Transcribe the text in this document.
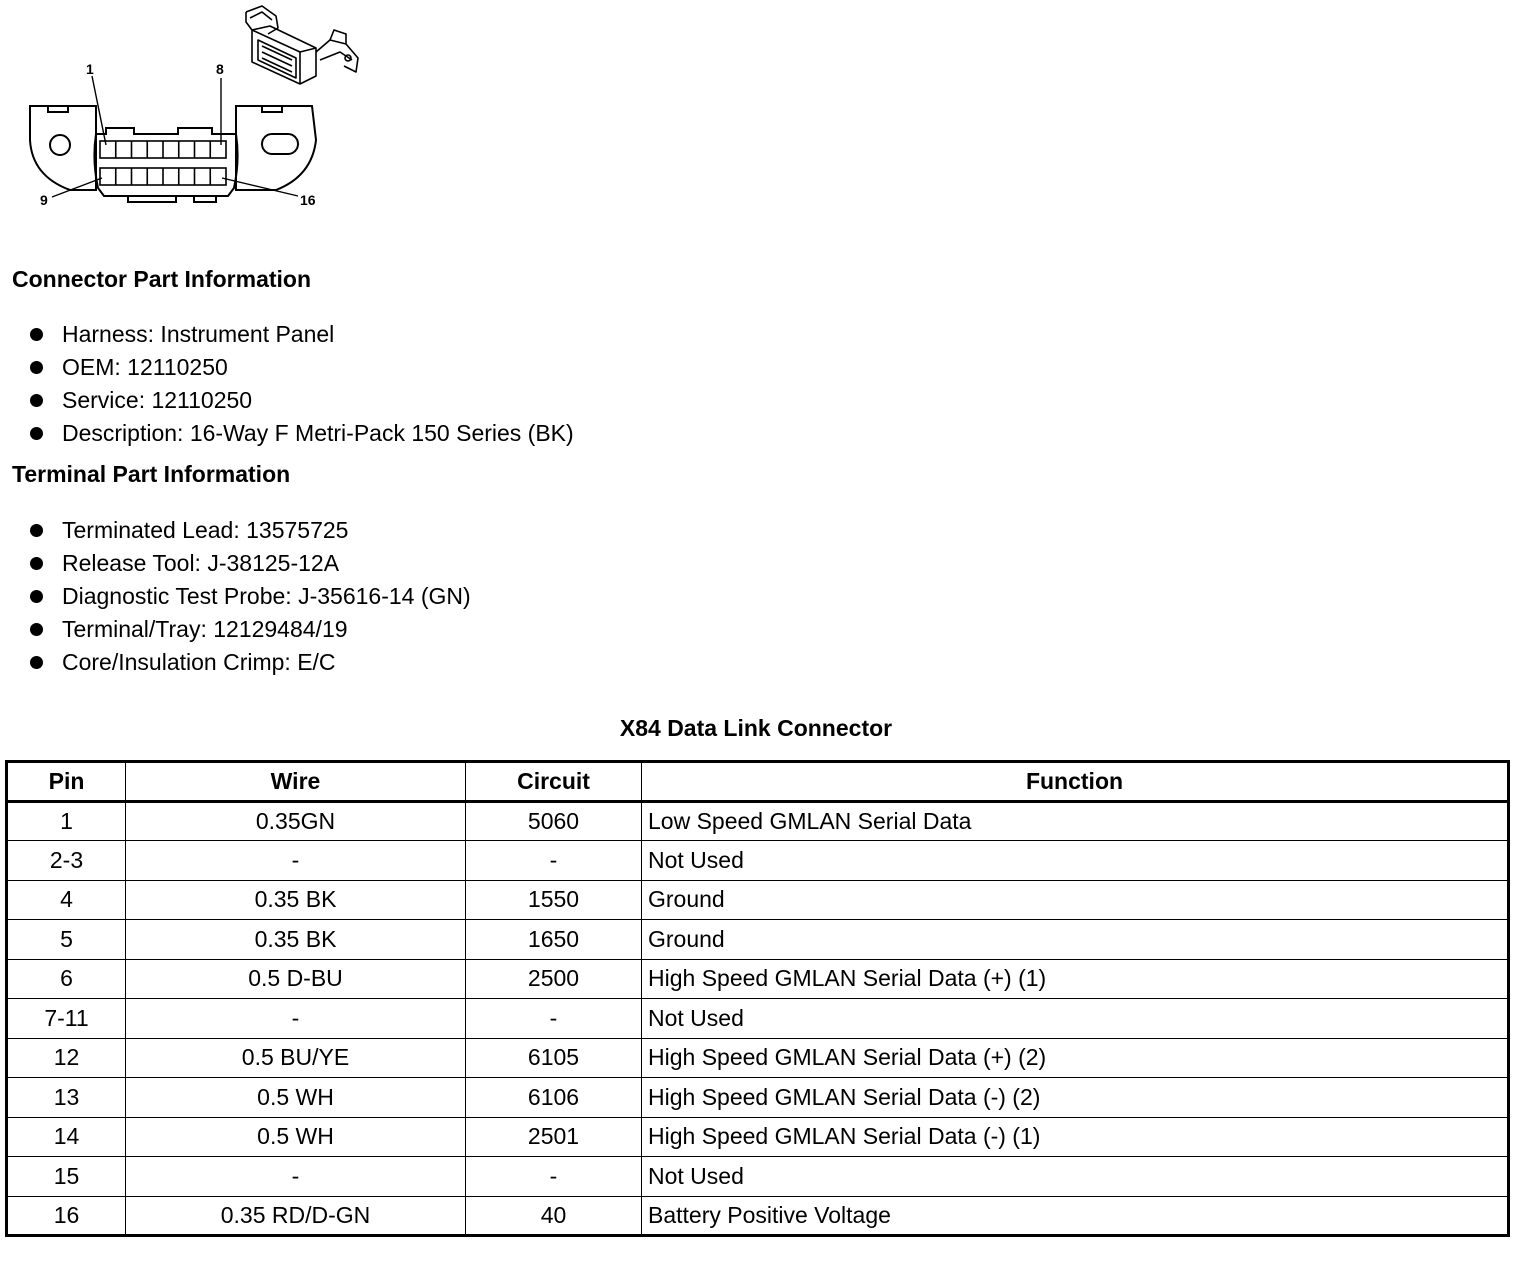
1	8
9	16
Connector Part Information
Harness: Instrument Panel
OEM: 12110250
Service: 12110250
Description: 16-Way F Metri-Pack 150 Series (BK)
Terminal Part Information
Terminated Lead: 13575725
Release Tool: J-38125-12A
Diagnostic Test Probe: J-35616-14 (GN)
Terminal/Tray: 12129484/19
Core/Insulation Crimp: E/C
X84 Data Link Connector
Pin	Wire	Circuit	Function
1	0.35GN	5060	Low Speed GMLAN Serial Data
2-3	-	-	Not Used
4	0.35 BK	1550	Ground
5	0.35 BK	1650	Ground
6	0.5 D-BU	2500	High Speed GMLAN Serial Data (+) (1)
7-11	-	-	Not Used
12	0.5 BU/YE	6105	High Speed GMLAN Serial Data (+) (2)
13	0.5 WH	6106	High Speed GMLAN Serial Data (-) (2)
14	0.5 WH	2501	High Speed GMLAN Serial Data (-) (1)
15	-	-	Not Used
16	0.35 RD/D-GN	40	Battery Positive Voltage
